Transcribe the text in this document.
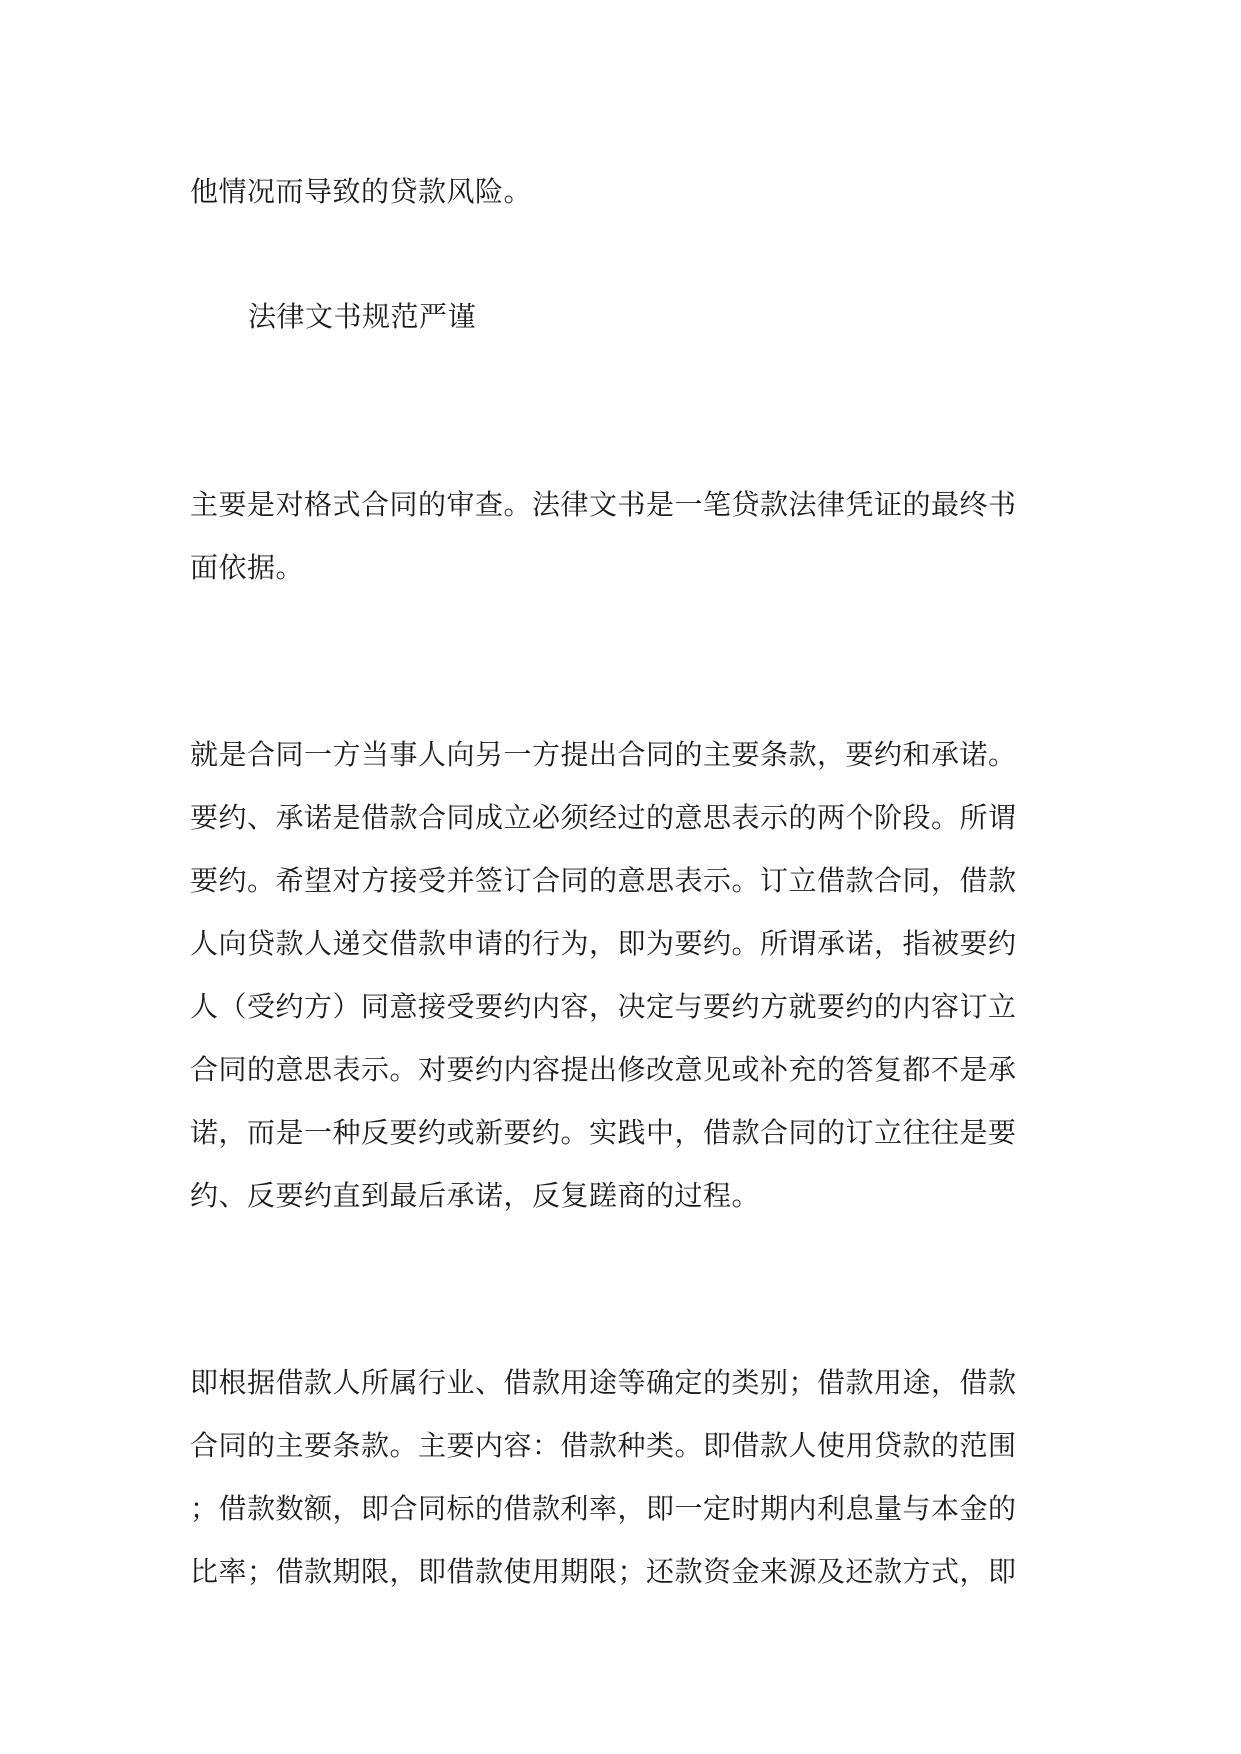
他情况而导致的贷款风险。
法律文书规范严谨
主要是对格式合同的审查。法律文书是一笔贷款法律凭证的最终书
面依据。
就是合同一方当事人向另一方提出合同的主要条款，要约和承诺。
要约、承诺是借款合同成立必须经过的意思表示的两个阶段。所谓
要约。希望对方接受并签订合同的意思表示。订立借款合同，借款
人向贷款人递交借款申请的行为，即为要约。所谓承诺，指被要约
人（受约方）同意接受要约内容，决定与要约方就要约的内容订立
合同的意思表示。对要约内容提出修改意见或补充的答复都不是承
诺，而是一种反要约或新要约。实践中，借款合同的订立往往是要
约、反要约直到最后承诺，反复蹉商的过程。
即根据借款人所属行业、借款用途等确定的类别；借款用途，借款
合同的主要条款。主要内容：借款种类。即借款人使用贷款的范围
；借款数额，即合同标的借款利率，即一定时期内利息量与本金的
比率；借款期限，即借款使用期限；还款资金来源及还款方式，即
